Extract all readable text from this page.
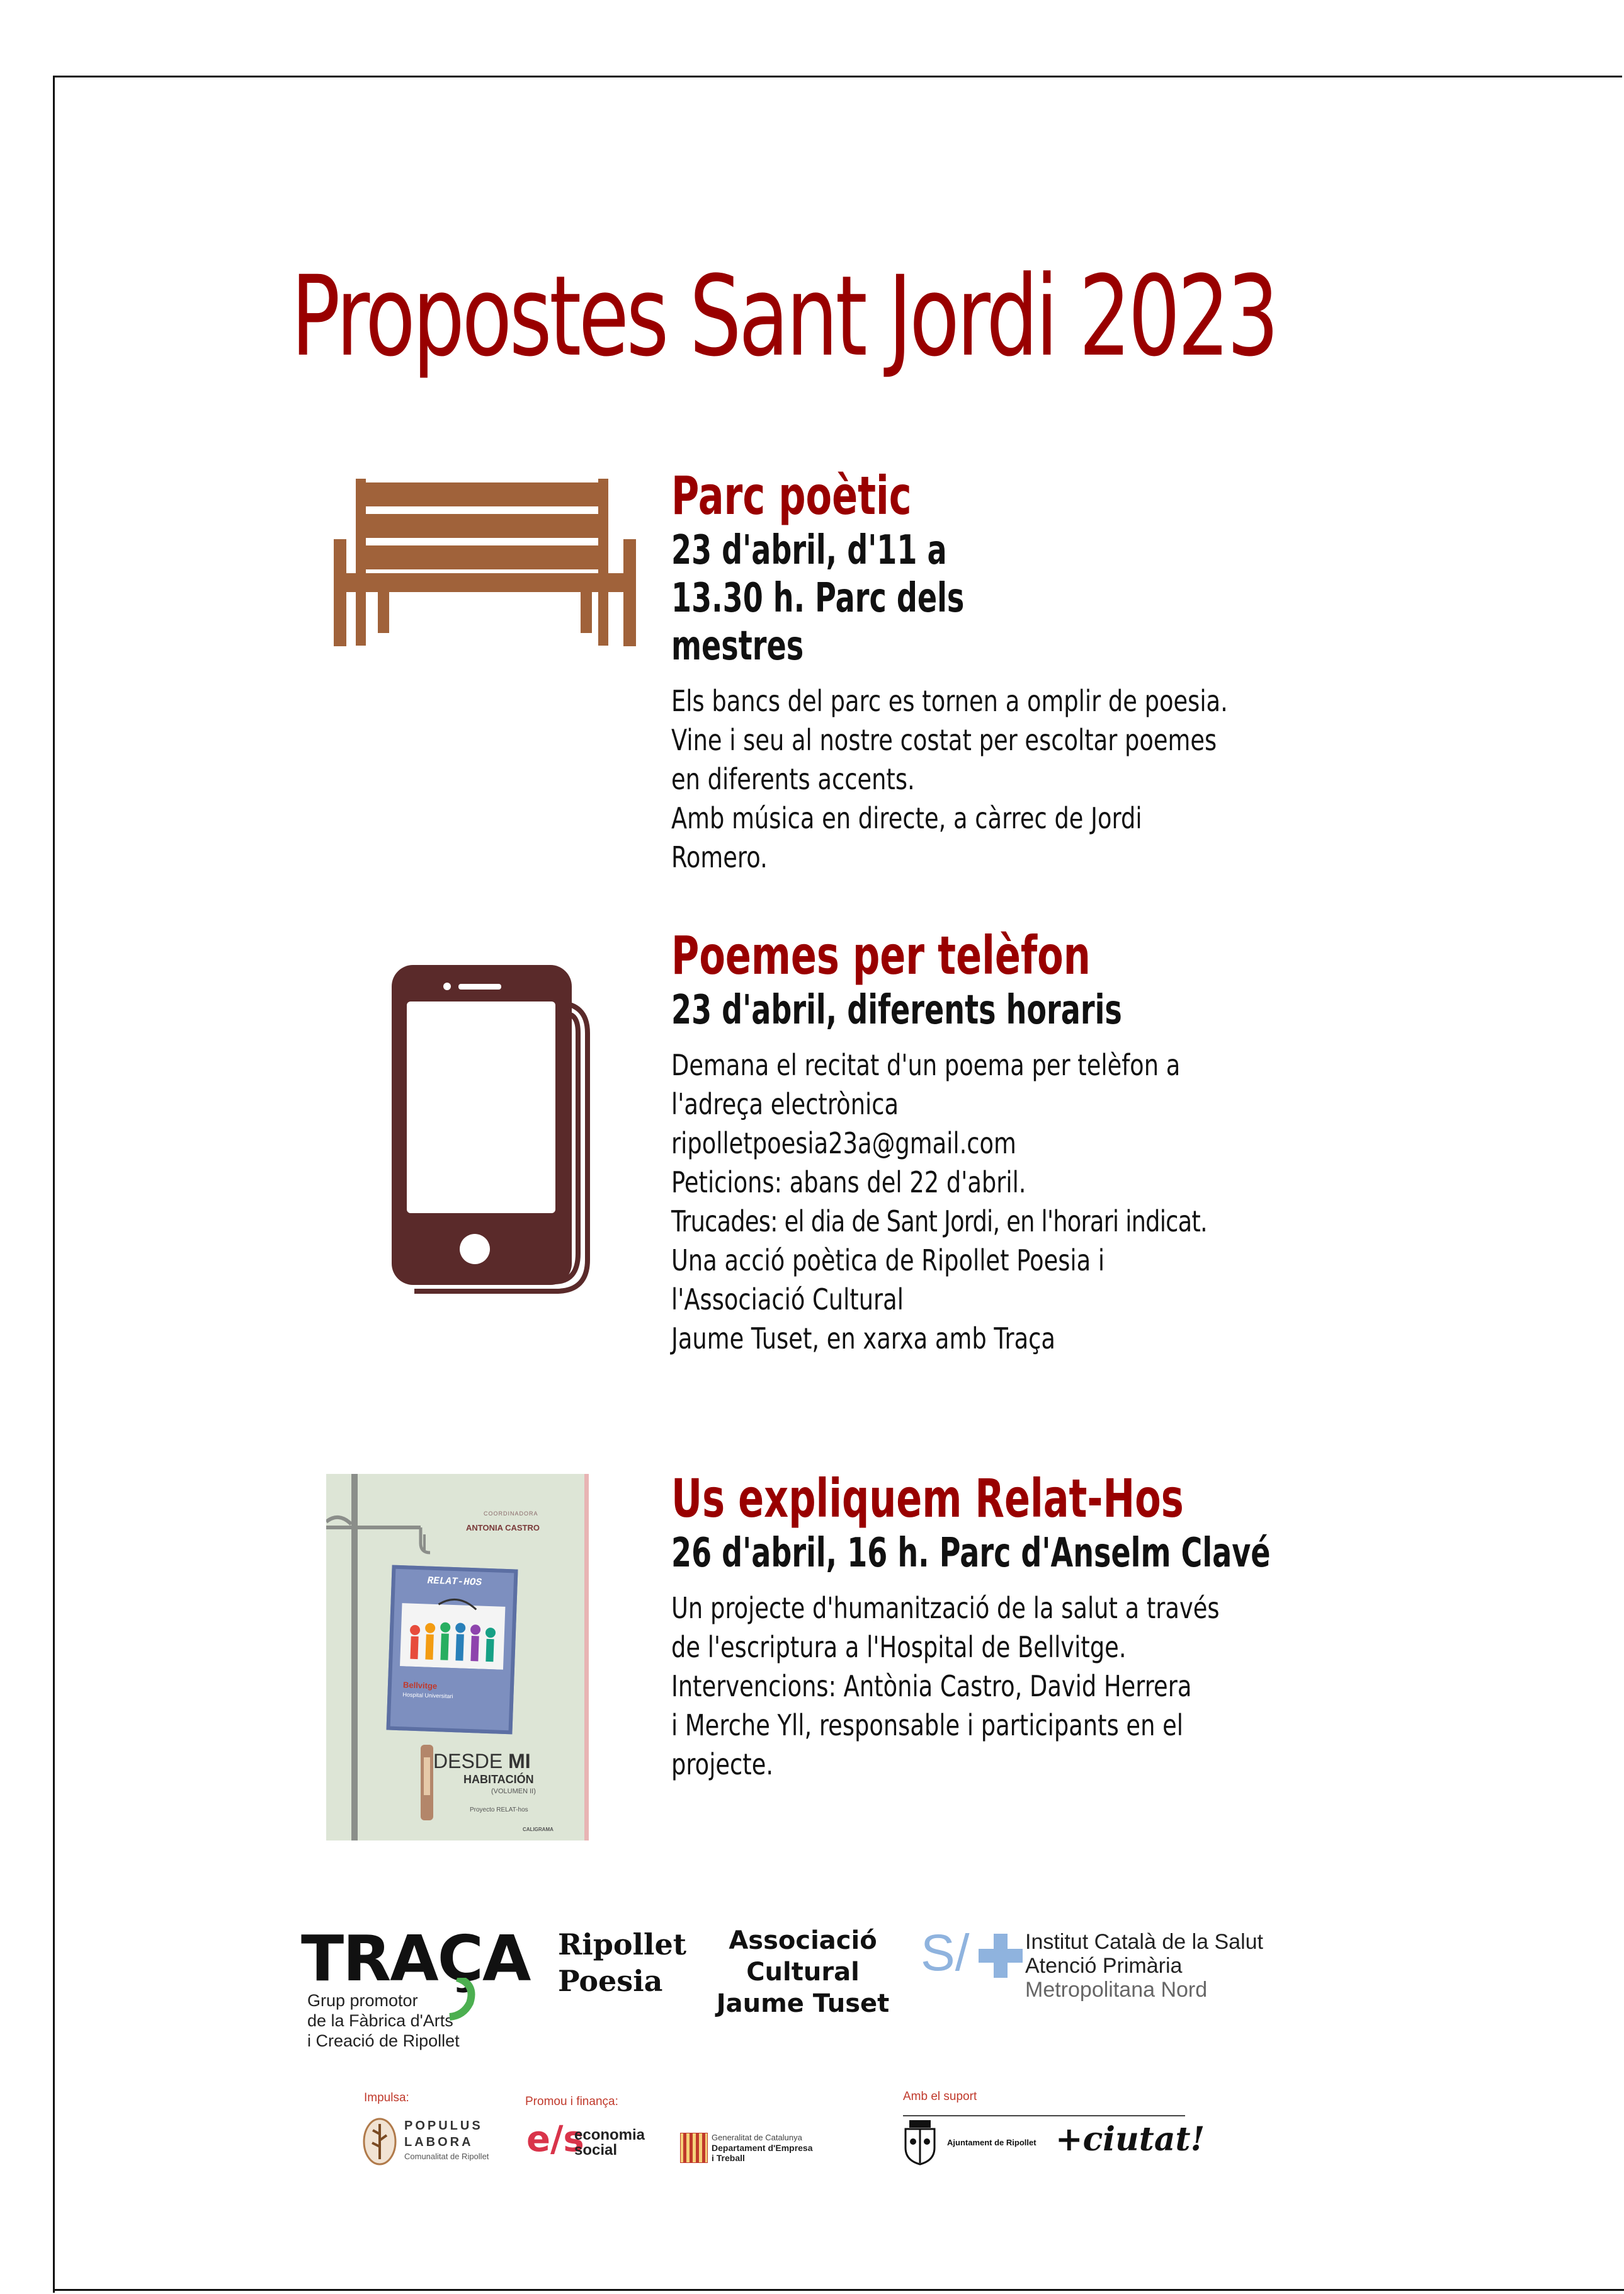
Propostes Sant Jordi 2023
COORDINADORA
ANTONIA CASTRO
RELAT-HOS
Bellvitge
Hospital Universitari
DESDE MI
HABITACIÓN
(VOLUMEN II)
Proyecto RELAT-hos
CALIGRAMA
Parc poètic

23 d'abril, d'11 a 13.30 h. Parc dels mestres

Els bancs del parc es tornen a omplir de poesia.
Vine i seu al nostre costat per escoltar poemes
en diferents accents.
Amb música en directe, a càrrec de Jordi
Romero.
Poemes per telèfon

23 d'abril, diferents horaris

Demana el recitat d'un poema per telèfon a
l'adreça electrònica
ripolletpoesia23a@gmail.com
Peticions: abans del 22 d'abril.
Trucades: el dia de Sant Jordi, en l'horari indicat.
Una acció poètica de Ripollet Poesia i
l'Associació Cultural
Jaume Tuset, en xarxa amb Traça
Us expliquem Relat-Hos

26 d'abril, 16 h. Parc d'Anselm Clavé

Un projecte d'humanització de la salut a través
de l'escriptura a l'Hospital de Bellvitge.
Intervencions: Antònia Castro, David Herrera
i Merche Yll, responsable i participants en el
projecte.
TRAÇA
Grup promotor
de la Fàbrica d'Arts
i Creació de Ripollet
Ripollet
Poesia
Associació
Cultural
Jaume Tuset
S/	Institut Català de la Salut
Atenció Primària
Metropolitana Nord
Impulsa:
POPULUS
LABORA
Comunalitat de Ripollet
Promou i finança:
e/s
economia
social
Generalitat de Catalunya
Departament d'Empresa
i Treball
Amb el suport
Ajuntament de Ripollet +ciutat!
